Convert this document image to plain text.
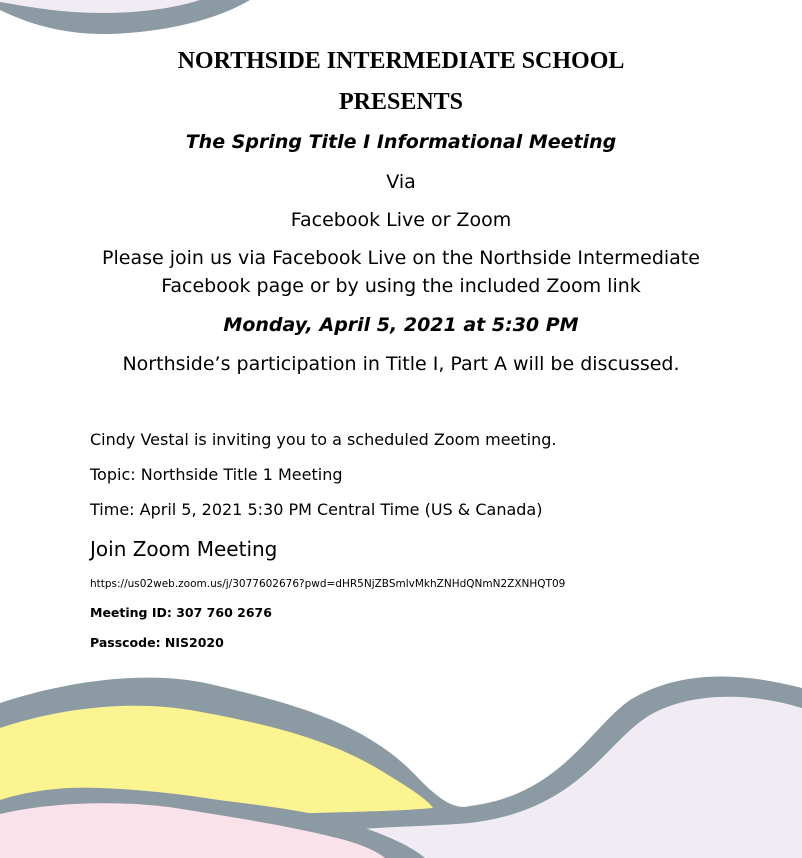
NORTHSIDE INTERMEDIATE SCHOOL
PRESENTS
The Spring Title I Informational Meeting
Via
Facebook Live or Zoom
Please join us via Facebook Live on the Northside Intermediate
Facebook page or by using the included Zoom link
Monday, April 5, 2021 at 5:30 PM
Northside’s participation in Title I, Part A will be discussed.
Cindy Vestal is inviting you to a scheduled Zoom meeting.
Topic: Northside Title 1 Meeting
Time: April 5, 2021 5:30 PM Central Time (US & Canada)
Join Zoom Meeting
https://us02web.zoom.us/j/3077602676?pwd=dHR5NjZBSmlvMkhZNHdQNmN2ZXNHQT09
Meeting ID: 307 760 2676
Passcode: NIS2020
